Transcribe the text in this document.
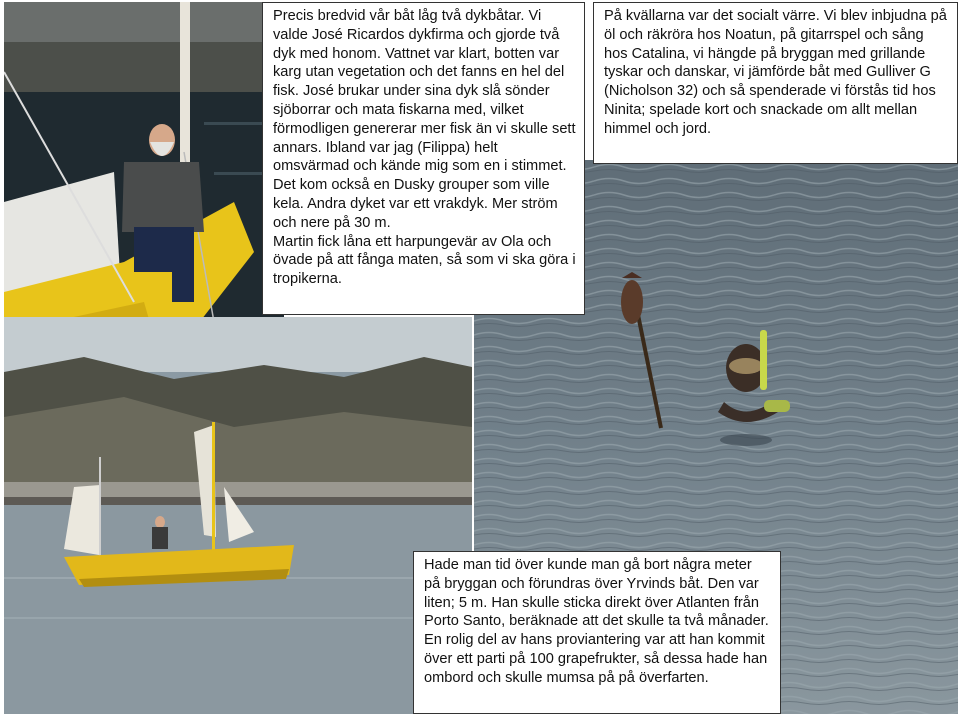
Precis bredvid vår båt låg två dykbåtar. Vi valde José Ricardos dykfirma och gjorde två dyk med honom. Vattnet var klart, botten var karg utan vegetation och det fanns en hel del fisk. José brukar under sina dyk slå sönder sjöborrar och mata fiskarna med, vilket förmodligen genererar mer fisk än vi skulle sett annars. Ibland var jag (Filippa) helt omsvärmad och kände mig som en i stimmet. Det kom också en Dusky grouper som ville kela. Andra dyket var ett vrakdyk. Mer ström och nere på 30 m.

Martin fick låna ett harpungevär av Ola och övade på att fånga maten, så som vi ska göra i tropikerna.

På kvällarna var det socialt värre. Vi blev inbjudna på öl och räkröra hos Noatun, på gitarrspel och sång hos Catalina, vi hängde på bryggan med grillande tyskar och danskar, vi jämförde båt med Gulliver G (Nicholson 32) och så spenderade vi förstås tid hos Ninita; spelade kort och snackade om allt mellan himmel och jord.

Hade man tid över kunde man gå bort några meter på bryggan och förundras över Yrvinds båt. Den var liten; 5 m. Han skulle sticka direkt över Atlanten från Porto Santo, beräknade att det skulle ta två månader. En rolig del av hans proviantering var att han kommit över ett parti på 100 grapefrukter, så dessa hade han ombord och skulle mumsa på på överfarten.
